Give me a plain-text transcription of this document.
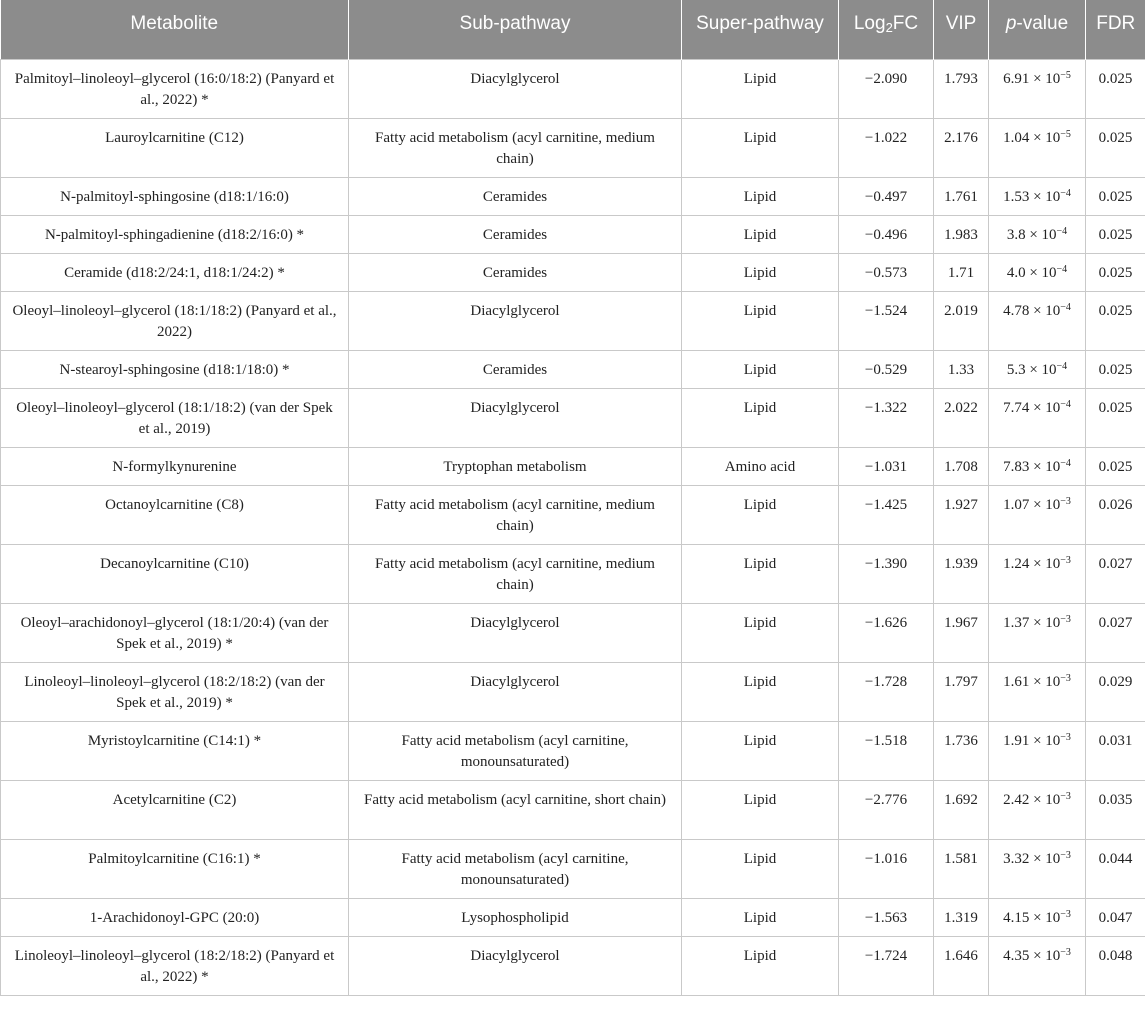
Metabolite	Sub-pathway	Super-pathway	Log$_2$FC	VIP	p-value	FDR
Palmitoyl–linoleoyl–glycerol (16:0/18:2) (Panyard et al., 2022) *	Diacylglycerol	Lipid	−2.090	1.793	$6.91 \times 10^{-5}$	0.025
Lauroylcarnitine (C12)	Fatty acid metabolism (acyl carnitine, medium chain)	Lipid	−1.022	2.176	$1.04 \times 10^{-5}$	0.025
N-palmitoyl-sphingosine (d18:1/16:0)	Ceramides	Lipid	−0.497	1.761	$1.53 \times 10^{-4}$	0.025
N-palmitoyl-sphingadienine (d18:2/16:0) *	Ceramides	Lipid	−0.496	1.983	$3.8 \times 10^{-4}$	0.025
Ceramide (d18:2/24:1, d18:1/24:2) *	Ceramides	Lipid	−0.573	1.71	$4.0 \times 10^{-4}$	0.025
Oleoyl–linoleoyl–glycerol (18:1/18:2) (Panyard et al., 2022)	Diacylglycerol	Lipid	−1.524	2.019	$4.78 \times 10^{-4}$	0.025
N-stearoyl-sphingosine (d18:1/18:0) *	Ceramides	Lipid	−0.529	1.33	$5.3 \times 10^{-4}$	0.025
Oleoyl–linoleoyl–glycerol (18:1/18:2) (van der Spek et al., 2019)	Diacylglycerol	Lipid	−1.322	2.022	$7.74 \times 10^{-4}$	0.025
N-formylkynurenine	Tryptophan metabolism	Amino acid	−1.031	1.708	$7.83 \times 10^{-4}$	0.025
Octanoylcarnitine (C8)	Fatty acid metabolism (acyl carnitine, medium chain)	Lipid	−1.425	1.927	$1.07 \times 10^{-3}$	0.026
Decanoylcarnitine (C10)	Fatty acid metabolism (acyl carnitine, medium chain)	Lipid	−1.390	1.939	$1.24 \times 10^{-3}$	0.027
Oleoyl–arachidonoyl–glycerol (18:1/20:4) (van der Spek et al., 2019) *	Diacylglycerol	Lipid	−1.626	1.967	$1.37 \times 10^{-3}$	0.027
Linoleoyl–linoleoyl–glycerol (18:2/18:2) (van der Spek et al., 2019) *	Diacylglycerol	Lipid	−1.728	1.797	$1.61 \times 10^{-3}$	0.029
Myristoylcarnitine (C14:1) *	Fatty acid metabolism (acyl carnitine, monounsaturated)	Lipid	−1.518	1.736	$1.91 \times 10^{-3}$	0.031
Acetylcarnitine (C2)	Fatty acid metabolism (acyl carnitine, short chain)	Lipid	−2.776	1.692	$2.42 \times 10^{-3}$	0.035
Palmitoylcarnitine (C16:1) *	Fatty acid metabolism (acyl carnitine, monounsaturated)	Lipid	−1.016	1.581	$3.32 \times 10^{-3}$	0.044
1-Arachidonoyl-GPC (20:0)	Lysophospholipid	Lipid	−1.563	1.319	$4.15 \times 10^{-3}$	0.047
Linoleoyl–linoleoyl–glycerol (18:2/18:2) (Panyard et al., 2022) *	Diacylglycerol	Lipid	−1.724	1.646	$4.35 \times 10^{-3}$	0.048
